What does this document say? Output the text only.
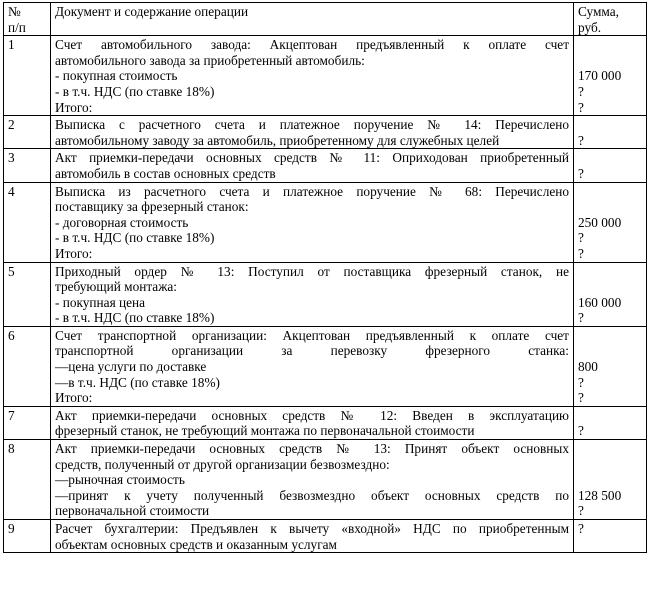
№
п/п	Документ и содержание операции	Сумма,
руб.

1	Счет автомобильного завода: Акцептован предъявленный к оплате счет
автомобильного завода за приобретенный автомобиль:
- покупная стоимость
- в т.ч. НДС (по ставке 18%)
Итого:	170 000
?
?

2	Выписка с расчетного счета и платежное поручение № 14: Перечислено
автомобильному заводу за автомобиль, приобретенному для служебных целей	?

3	Акт приемки-передачи основных средств № 11: Оприходован приобретенный
автомобиль в состав основных средств	?

4	Выписка из расчетного счета и платежное поручение № 68: Перечислено
поставщику за фрезерный станок:
- договорная стоимость
- в т.ч. НДС (по ставке 18%)
Итого:	250 000
?
?

5	Приходный ордер № 13: Поступил от поставщика фрезерный станок, не
требующий монтажа:
- покупная цена
- в т.ч. НДС (по ставке 18%)	160 000
?

6	Счет транспортной организации: Акцептован предъявленный к оплате счет
транспортной организации за перевозку фрезерного станка:
—цена услуги по доставке
—в т.ч. НДС (по ставке 18%)
Итого:	800
?
?

7	Акт приемки-передачи основных средств № 12: Введен в эксплуатацию
фрезерный станок, не требующий монтажа по первоначальной стоимости	?

8	Акт приемки-передачи основных средств № 13: Принят объект основных
средств, полученный от другой организации безвозмездно:
—рыночная стоимость
—принят к учету полученный безвозмездно объект основных средств по
первоначальной стоимости	128 500
?

9	Расчет бухгалтерии: Предъявлен к вычету «входной» НДС по приобретенным
объектам основных средств и оказанным услугам	?
